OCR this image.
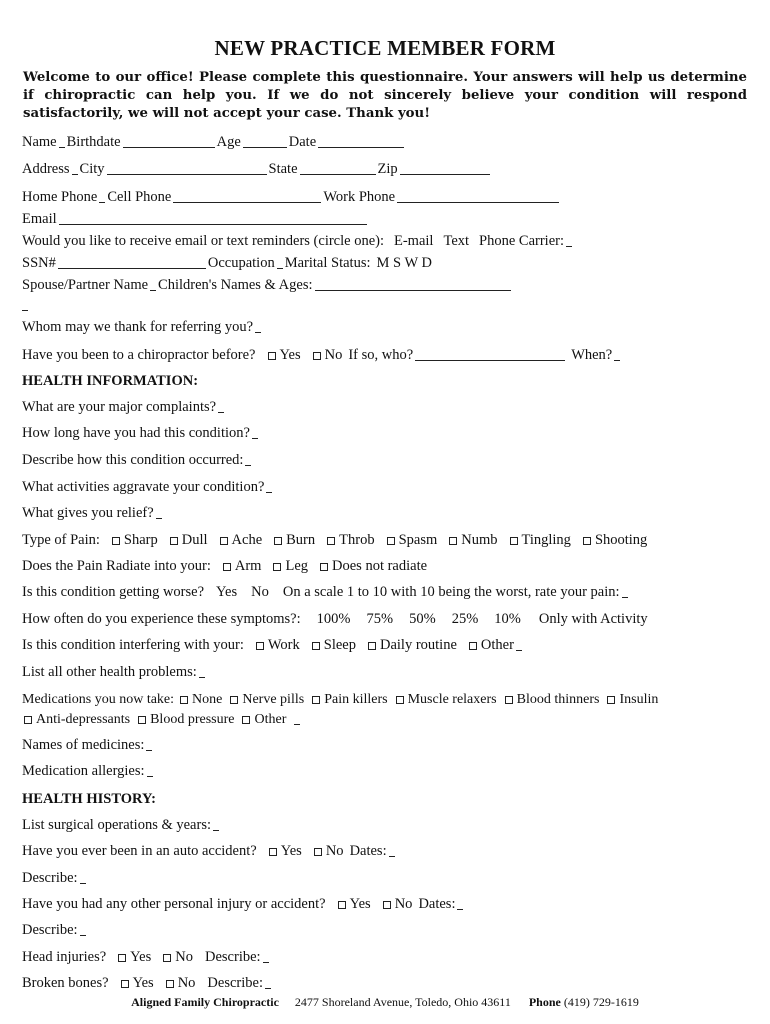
NEW PRACTICE MEMBER FORM
Welcome to our office! Please complete this questionnaire. Your answers will help us determine if chiropractic can help you. If we do not sincerely believe your condition will respond satisfactorily, we will not accept your case. Thank you!
Name Birthdate	Age	Date
Address City	State	Zip
Home Phone Cell Phone	Work Phone
Email
Would you like to receive email or text reminders (circle one): E-mail Text Phone Carrier:
SSN#	Occupation Marital Status: M S W D
Spouse/Partner Name Children's Names & Ages:
Whom may we thank for referring you?
Have you been to a chiropractor before? Yes No If so, who?	When?
HEALTH INFORMATION:
What are your major complaints?
How long have you had this condition?
Describe how this condition occurred:
What activities aggravate your condition?
What gives you relief?
Type of Pain: Sharp Dull Ache Burn Throb Spasm Numb Tingling Shooting
Does the Pain Radiate into your: Arm Leg Does not radiate
Is this condition getting worse? Yes No On a scale 1 to 10 with 10 being the worst, rate your pain:
How often do you experience these symptoms?: 100% 75% 50% 25% 10% Only with Activity
Is this condition interfering with your: Work Sleep Daily routine Other
List all other health problems:
Medications you now take: None Nerve pills Pain killers Muscle relaxers Blood thinners Insulin
Anti-depressants Blood pressure Other
Names of medicines:
Medication allergies:
HEALTH HISTORY:
List surgical operations & years:
Have you ever been in an auto accident? Yes No Dates:
Describe:
Have you had any other personal injury or accident? Yes No Dates:
Describe:
Head injuries? Yes No Describe:
Broken bones? Yes No Describe:
Aligned Family Chiropractic 2477 Shoreland Avenue, Toledo, Ohio 43611 Phone (419) 729-1619
